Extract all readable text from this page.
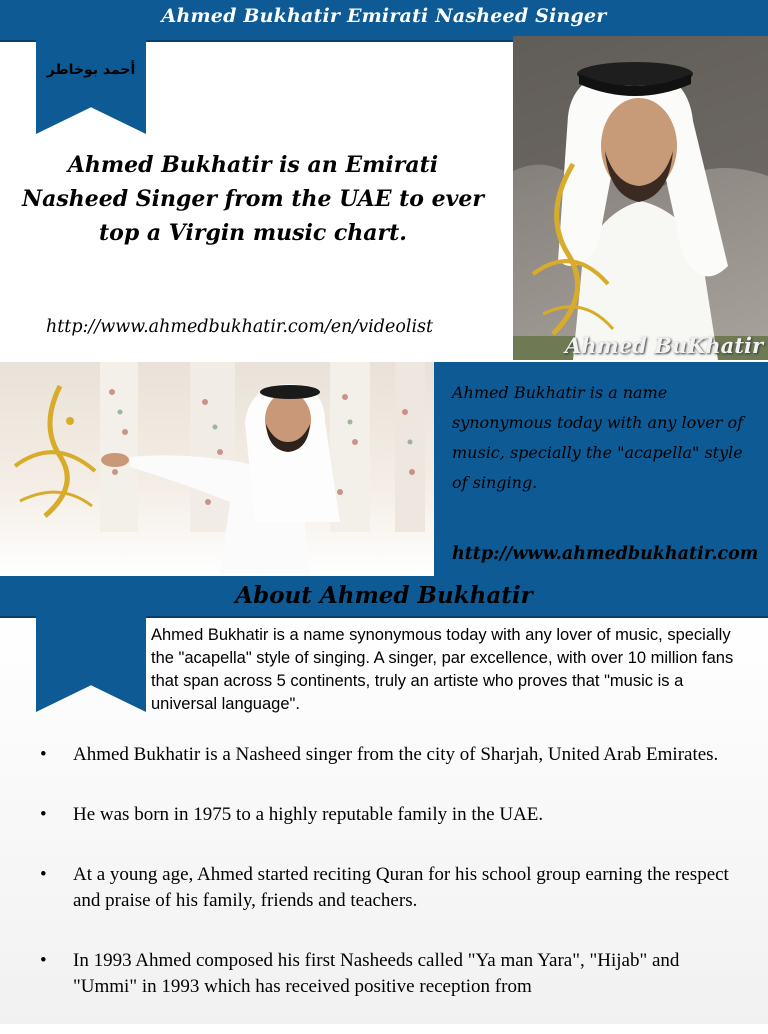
Ahmed Bukhatir Emirati Nasheed Singer
أحمد بوخاطر
Ahmed Bukhatir is an Emirati Nasheed Singer from the UAE to ever top a Virgin music chart.
http://www.ahmedbukhatir.com/en/videolist
Ahmed BuKhatir
Ahmed Bukhatir is a name synonymous today with any lover of music, specially the "acapella" style of singing.
http://www.ahmedbukhatir.com
About Ahmed Bukhatir
Ahmed Bukhatir is a name synonymous today with any lover of music, specially the "acapella" style of singing. A singer, par excellence, with over 10 million fans that span across 5 continents, truly an artiste who proves that "music is a universal language".
• Ahmed Bukhatir is a Nasheed singer from the city of Sharjah, United Arab Emirates.
• He was born in 1975 to a highly reputable family in the UAE.
• At a young age, Ahmed started reciting Quran for his school group earning the respect and praise of his family, friends and teachers.
• In 1993 Ahmed composed his first Nasheeds called "Ya man Yara", "Hijab" and "Ummi" in 1993 which has received positive reception from
